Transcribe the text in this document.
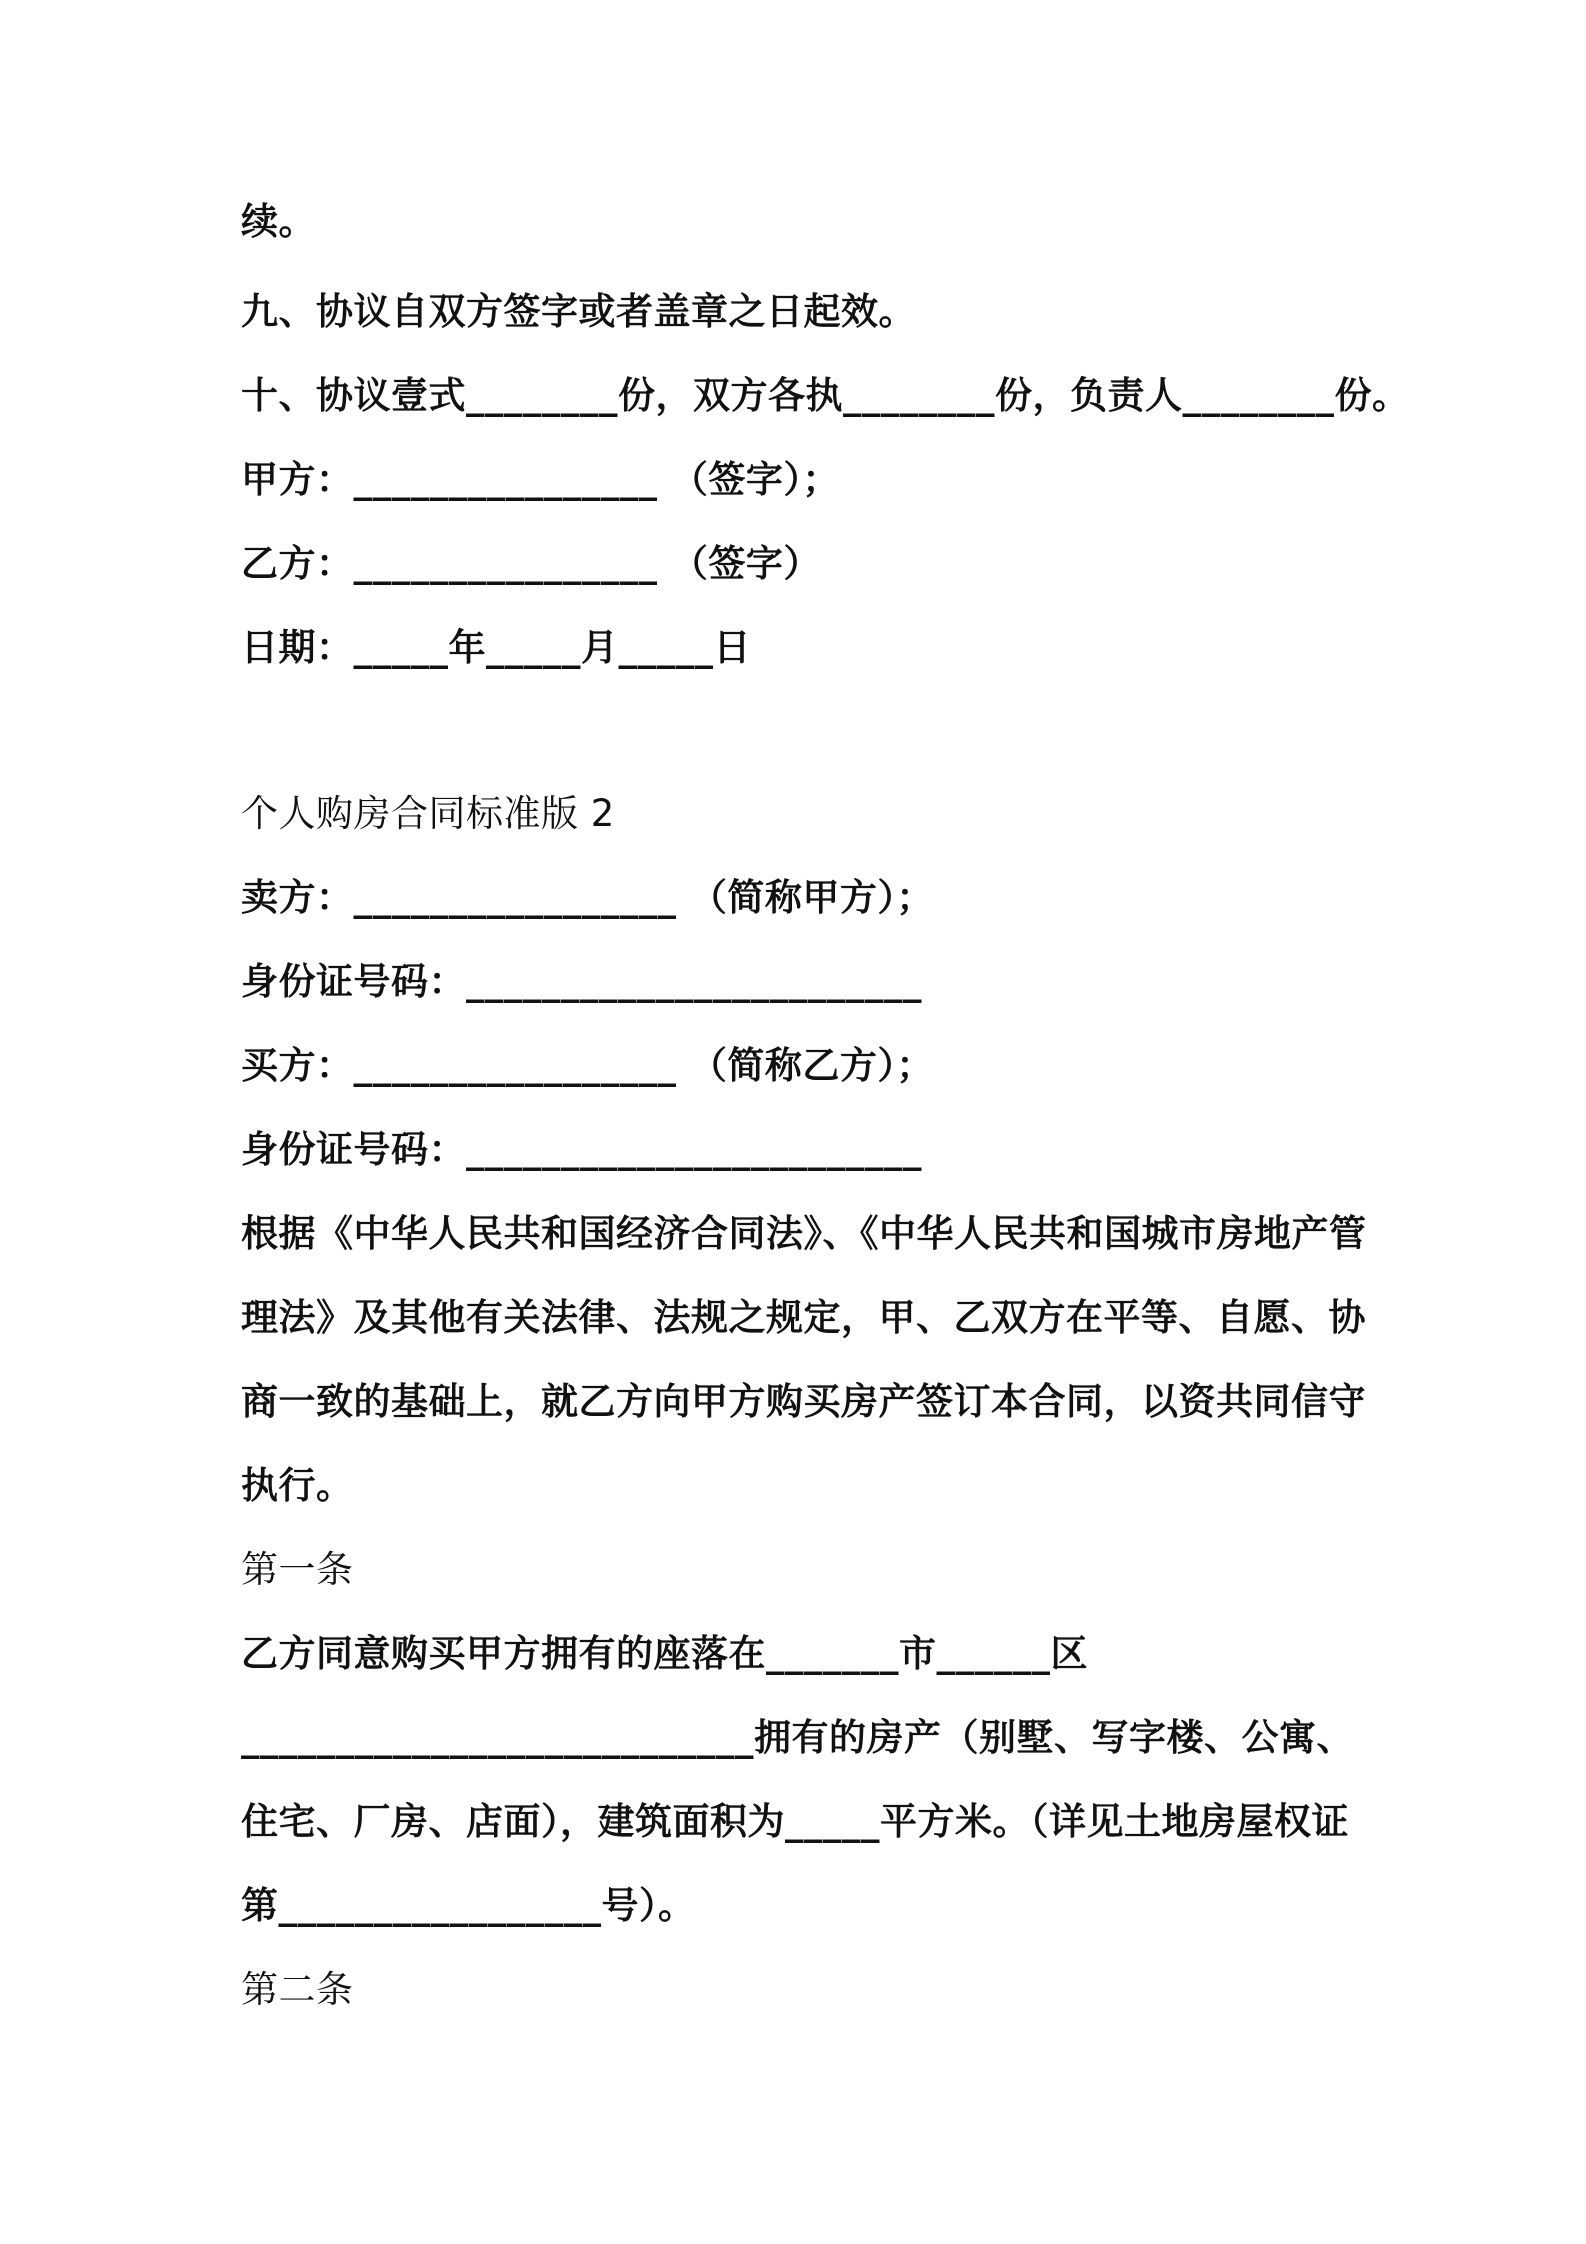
续。
九、协议自双方签字或者盖章之日起效。
十、协议壹式________份，双方各执________份，负责人________份。
甲方：________________ （签字）；
乙方：________________ （签字）
日期：_____年_____月_____日
个人购房合同标准版 2
卖方：_________________ （简称甲方）；
身份证号码：________________________
买方：_________________ （简称乙方）；
身份证号码：________________________
根据《中华人民共和国经济合同法》、《中华人民共和国城市房地产管
理法》及其他有关法律、法规之规定，甲、乙双方在平等、自愿、协
商一致的基础上，就乙方向甲方购买房产签订本合同，以资共同信守
执行。
第一条
乙方同意购买甲方拥有的座落在_______市______区
___________________________拥有的房产（别墅、写字楼、公寓、
住宅、厂房、店面），建筑面积为_____平方米。（详见土地房屋权证
第_________________号）。
第二条
